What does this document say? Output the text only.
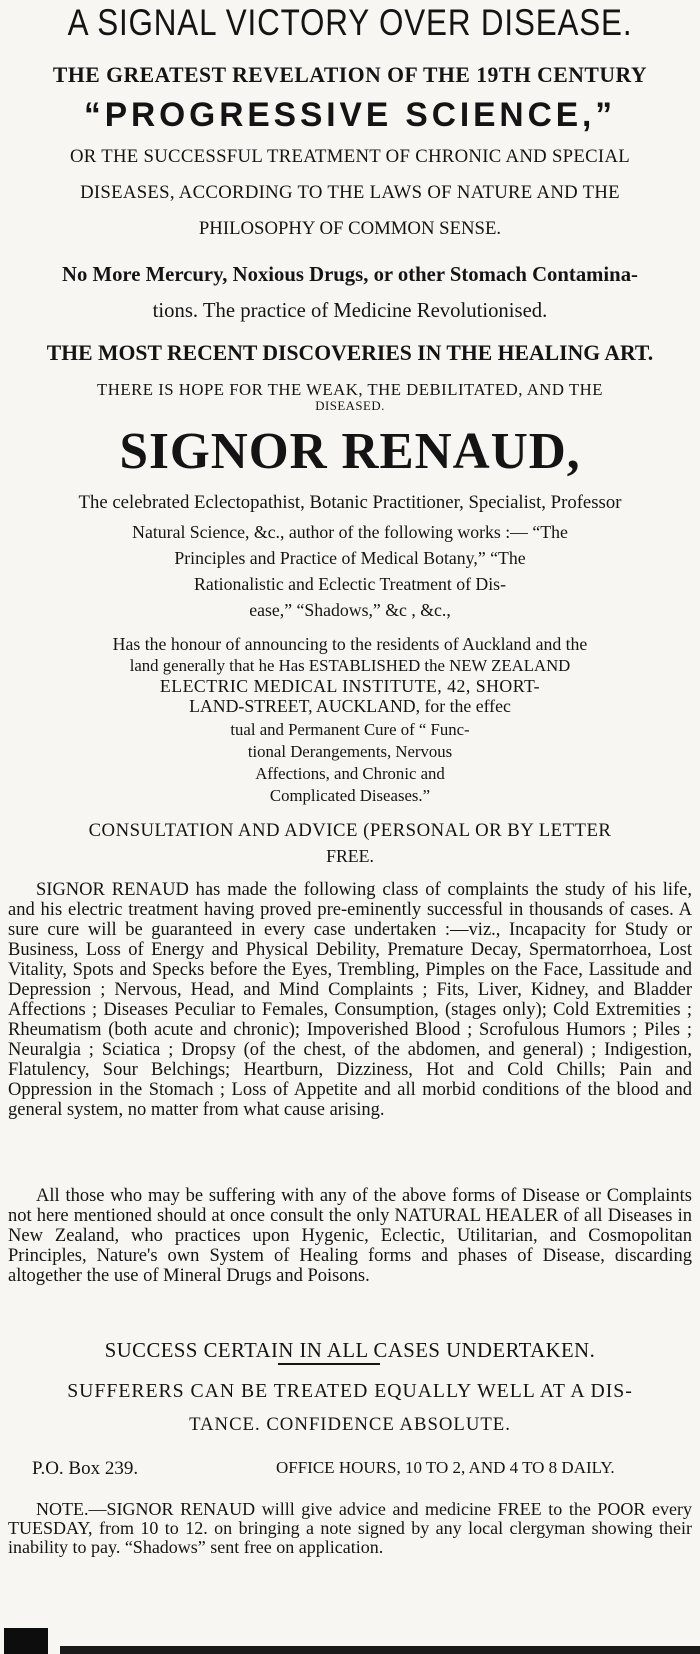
A SIGNAL VICTORY OVER DISEASE.
THE GREATEST REVELATION OF THE 19TH CENTURY
“PROGRESSIVE SCIENCE,”
OR THE SUCCESSFUL TREATMENT OF CHRONIC AND SPECIAL
DISEASES, ACCORDING TO THE LAWS OF NATURE AND THE
PHILOSOPHY OF COMMON SENSE.
No More Mercury, Noxious Drugs, or other Stomach Contamina-
tions. The practice of Medicine Revolutionised.
THE MOST RECENT DISCOVERIES IN THE HEALING ART.
THERE IS HOPE FOR THE WEAK, THE DEBILITATED, AND THE
DISEASED.
SIGNOR RENAUD,
The celebrated Eclectopathist, Botanic Practitioner, Specialist, Professor
Natural Science, &c., author of the following works :— “The
Principles and Practice of Medical Botany,” “The
Rationalistic and Eclectic Treatment of Dis-
ease,” “Shadows,” &c , &c.,
Has the honour of announcing to the residents of Auckland and the
land generally that he Has ESTABLISHED the NEW ZEALAND
ELECTRIC MEDICAL INSTITUTE, 42, SHORT-
LAND-STREET, AUCKLAND, for the effec
tual and Permanent Cure of “ Func-
tional Derangements, Nervous
Affections, and Chronic and
Complicated Diseases.”
CONSULTATION AND ADVICE (PERSONAL OR BY LETTER
FREE.
SIGNOR RENAUD has made the following class of complaints the study of his life, and his electric treatment having proved pre-eminently successful in thousands of cases. A sure cure will be guaranteed in every case undertaken :—viz., Incapacity for Study or Business, Loss of Energy and Physical Debility, Premature Decay, Spermatorrhoea, Lost Vitality, Spots and Specks before the Eyes, Trembling, Pimples on the Face, Lassitude and Depression ; Nervous, Head, and Mind Complaints ; Fits, Liver, Kidney, and Bladder Affections ; Diseases Peculiar to Females, Consumption, (stages only); Cold Extremities ; Rheumatism (both acute and chronic); Impoverished Blood ; Scrofulous Humors ; Piles ; Neuralgia ; Sciatica ; Dropsy (of the chest, of the abdomen, and general) ; Indigestion, Flatulency, Sour Belchings; Heartburn, Dizziness, Hot and Cold Chills; Pain and Oppression in the Stomach ; Loss of Appetite and all morbid conditions of the blood and general system, no matter from what cause arising.
All those who may be suffering with any of the above forms of Disease or Complaints not here mentioned should at once consult the only NATURAL HEALER of all Diseases in New Zealand, who practices upon Hygenic, Eclectic, Utilitarian, and Cosmopolitan Principles, Nature's own System of Healing forms and phases of Disease, discarding altogether the use of Mineral Drugs and Poisons.
SUCCESS CERTAIN IN ALL CASES UNDERTAKEN.
SUFFERERS CAN BE TREATED EQUALLY WELL AT A DIS-
TANCE. CONFIDENCE ABSOLUTE.
P.O. Box 239.	OFFICE HOURS, 10 TO 2, AND 4 TO 8 DAILY.
NOTE.—SIGNOR RENAUD willl give advice and medicine FREE to the POOR every TUESDAY, from 10 to 12. on bringing a note signed by any local clergyman showing their inability to pay. “Shadows” sent free on application.
